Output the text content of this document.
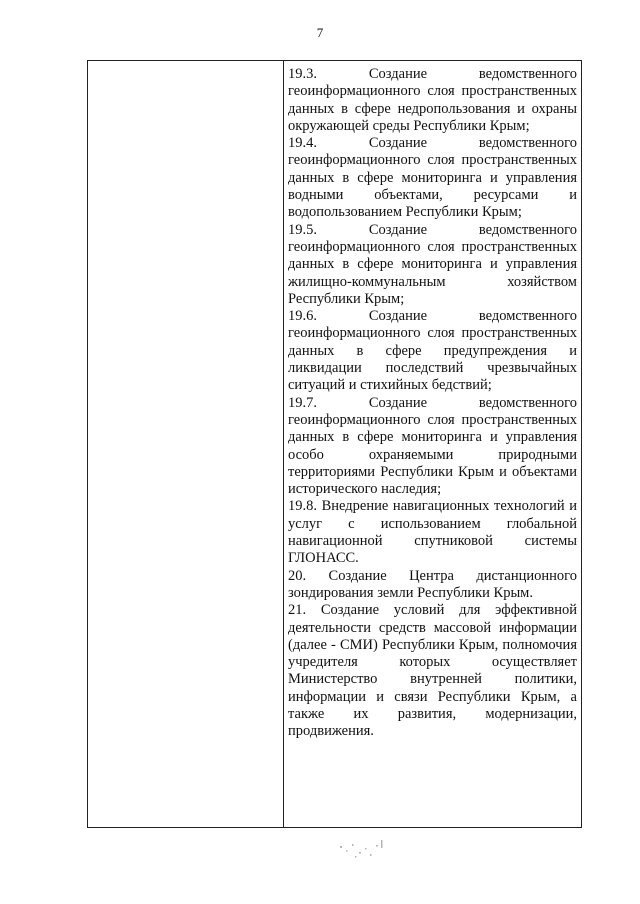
7
19.3. Создание ведомственного геоинформационного слоя пространственных данных в сфере недропользования и охраны окружающей среды Республики Крым;
19.4. Создание ведомственного геоинформационного слоя пространственных данных в сфере мониторинга и управления водными объектами, ресурсами и водопользованием Республики Крым;
19.5. Создание ведомственного геоинформационного слоя пространственных данных в сфере мониторинга и управления жилищно-коммунальным хозяйством Республики Крым;
19.6. Создание ведомственного геоинформационного слоя пространственных данных в сфере предупреждения и ликвидации последствий чрезвычайных ситуаций и стихийных бедствий;
19.7. Создание ведомственного геоинформационного слоя пространственных данных в сфере мониторинга и управления особо охраняемыми природными территориями Республики Крым и объектами исторического наследия;
19.8. Внедрение навигационных технологий и услуг с использованием глобальной навигационной спутниковой системы ГЛОНАСС.
20. Создание Центра дистанционного зондирования земли Республики Крым.
21. Создание условий для эффективной деятельности средств массовой информации (далее - СМИ) Республики Крым, полномочия учредителя которых осуществляет Министерство внутренней политики, информации и связи Республики Крым, а также их развития, модернизации, продвижения.
